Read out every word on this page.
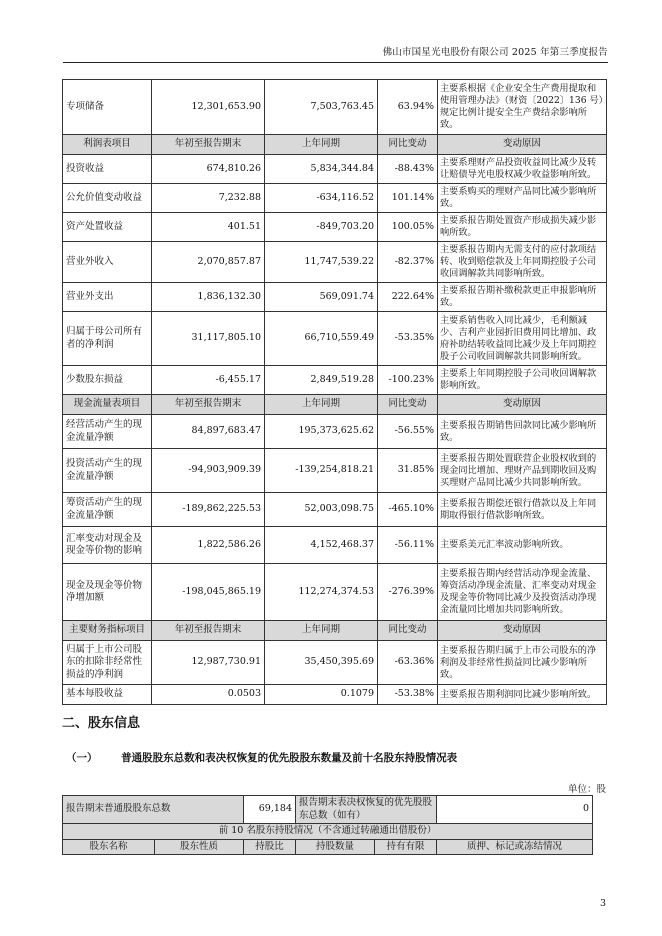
佛山市国星光电股份有限公司 2025 年第三季度报告
专项储备	12,301,653.90	7,503,763.45	63.94%	主要系根据《企业安全生产费用提取和使用管理办法》（财资〔2022〕136 号）规定比例计提安全生产费结余影响所致。
利润表项目	年初至报告期末	上年同期	同比变动	变动原因
投资收益	674,810.26	5,834,344.84	-88.43%	主要系理财产品投资收益同比减少及转让赔债导光电股权减少收益影响所致。
公允价值变动收益	7,232.88	-634,116.52	101.14%	主要系购买的理财产品同比减少影响所致。
资产处置收益	401.51	-849,703.20	100.05%	主要系报告期处置资产形成损失减少影响所致。
营业外收入	2,070,857.87	11,747,539.22	-82.37%	主要系报告期内无需支付的应付款项结转、收到赔偿款及上年同期控股子公司收回调解款共同影响所致。
营业外支出	1,836,132.30	569,091.74	222.64%	主要系报告期补缴税款更正申报影响所致。
归属于母公司所有者的净利润	31,117,805.10	66,710,559.49	-53.35%	主要系销售收入同比减少，毛利额减少、吉利产业园折旧费用同比增加、政府补助结转收益同比减少及上年同期控股子公司收回调解款共同影响所致。
少数股东损益	-6,455.17	2,849,519.28	-100.23%	主要系上年同期控股子公司收回调解款影响所致。
现金流量表项目	年初至报告期末	上年同期	同比变动	变动原因
经营活动产生的现金流量净额	84,897,683.47	195,373,625.62	-56.55%	主要系报告期销售回款同比减少影响所致。
投资活动产生的现金流量净额	-94,903,909.39	-139,254,818.21	31.85%	主要系报告期处置联营企业股权收到的现金同比增加、理财产品到期收回及购买理财产品同比减少共同影响所致。
筹资活动产生的现金流量净额	-189,862,225.53	52,003,098.75	-465.10%	主要系报告期偿还银行借款以及上年同期取得银行借款影响所致。
汇率变动对现金及现金等价物的影响	1,822,586.26	4,152,468.37	-56.11%	主要系美元汇率波动影响所致。
现金及现金等价物净增加额	-198,045,865.19	112,274,374.53	-276.39%	主要系报告期内经营活动净现金流量、筹资活动净现金流量、汇率变动对现金及现金等价物同比减少及投资活动净现金流量同比增加共同影响所致。
主要财务指标项目	年初至报告期末	上年同期	同比变动	变动原因
归属于上市公司股东的扣除非经常性损益的净利润	12,987,730.91	35,450,395.69	-63.36%	主要系报告期归属于上市公司股东的净利润及非经常性损益同比减少影响所致。
基本每股收益	0.0503	0.1079	-53.38%	主要系报告期利润同比减少影响所致。
二、股东信息
（一） 普通股股东总数和表决权恢复的优先股股东数量及前十名股东持股情况表
单位：股
报告期末普通股股东总数		69,184	报告期末表决权恢复的优先股股东总数（如有）		0
前 10 名股东持股情况（不含通过转融通出借股份）					
股东名称	股东性质	持股比	持股数量	持有有限	质押、标记或冻结情况
3
